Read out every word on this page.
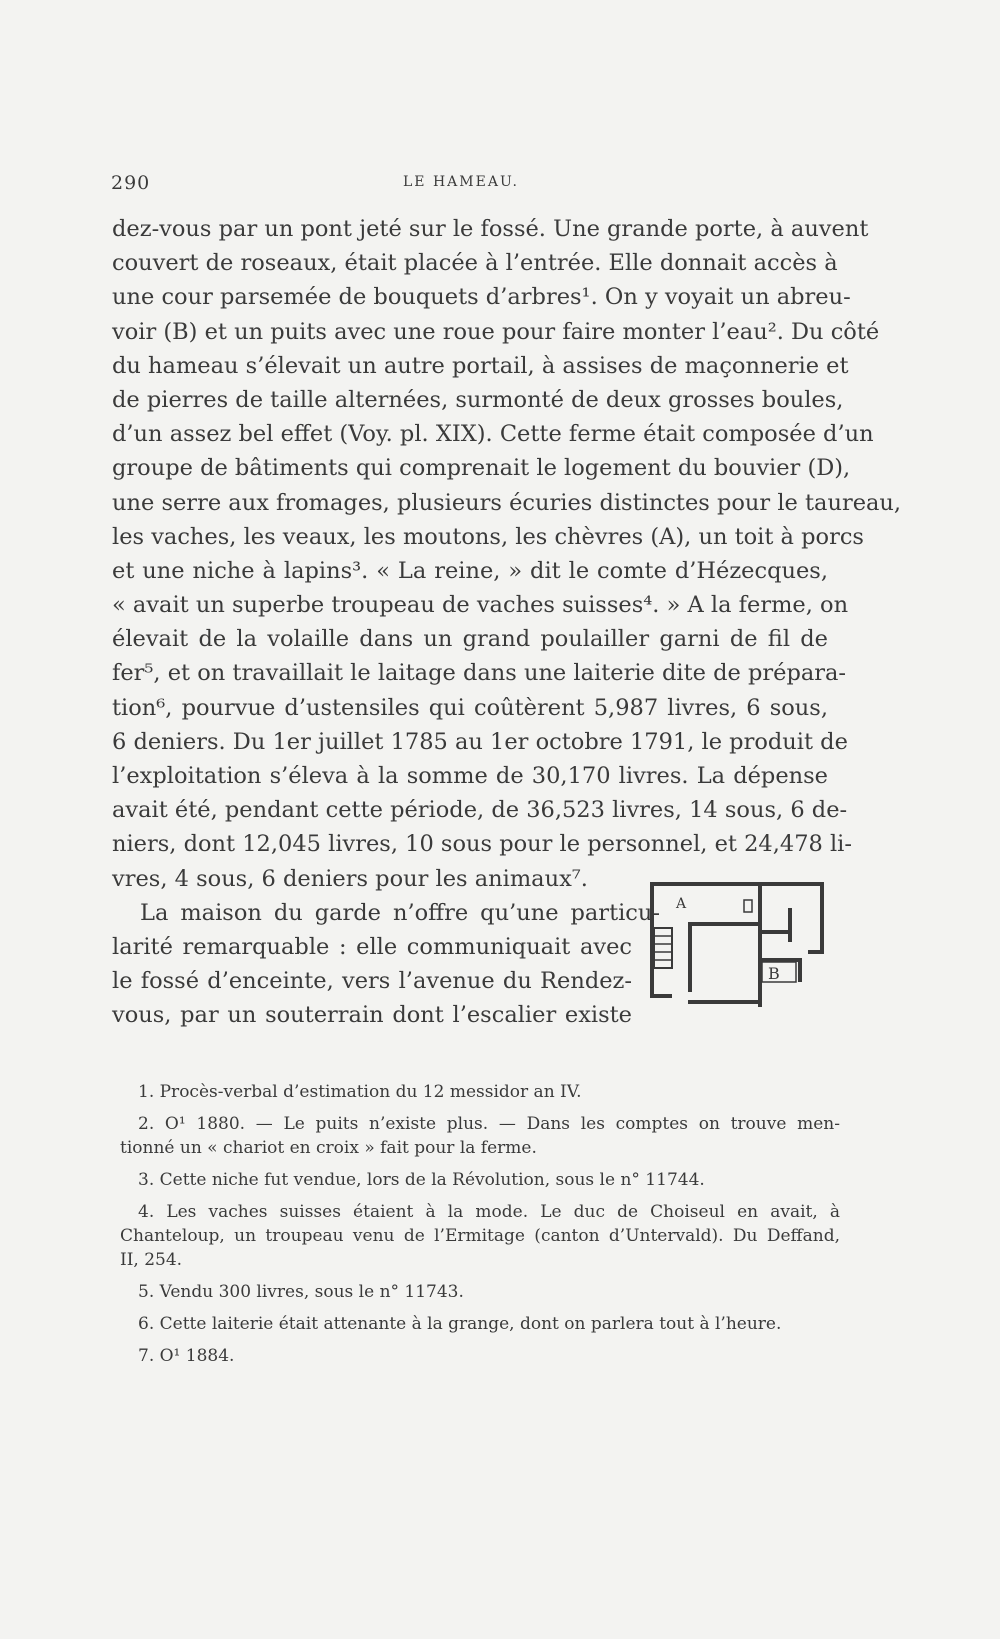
290	LE HAMEAU.
dez-vous par un pont jeté sur le fossé. Une grande porte, à auvent
couvert de roseaux, était placée à l’entrée. Elle donnait accès à
une cour parsemée de bouquets d’arbres¹. On y voyait un abreu-
voir (B) et un puits avec une roue pour faire monter l’eau². Du côté
du hameau s’élevait un autre portail, à assises de maçonnerie et
de pierres de taille alternées, surmonté de deux grosses boules,
d’un assez bel effet (Voy. pl. XIX). Cette ferme était composée d’un
groupe de bâtiments qui comprenait le logement du bouvier (D),
une serre aux fromages, plusieurs écuries distinctes pour le taureau,
les vaches, les veaux, les moutons, les chèvres (A), un toit à porcs
et une niche à lapins³. « La reine, » dit le comte d’Hézecques,
« avait un superbe troupeau de vaches suisses⁴. » A la ferme, on
élevait de la volaille dans un grand poulailler garni de fil de
fer⁵, et on travaillait le laitage dans une laiterie dite de prépara-
tion⁶, pourvue d’ustensiles qui coûtèrent 5,987 livres, 6 sous,
6 deniers. Du 1er juillet 1785 au 1er octobre 1791, le produit de
l’exploitation s’éleva à la somme de 30,170 livres. La dépense
avait été, pendant cette période, de 36,523 livres, 14 sous, 6 de-
niers, dont 12,045 livres, 10 sous pour le personnel, et 24,478 li-
vres, 4 sous, 6 deniers pour les animaux⁷.
La maison du garde n’offre qu’une particu-
larité remarquable : elle communiquait avec
le fossé d’enceinte, vers l’avenue du Rendez-
vous, par un souterrain dont l’escalier existe
A
B
1. Procès-verbal d’estimation du 12 messidor an IV.
2. O¹ 1880. — Le puits n’existe plus. — Dans les comptes on trouve men-
tionné un « chariot en croix » fait pour la ferme.
3. Cette niche fut vendue, lors de la Révolution, sous le n° 11744.
4. Les vaches suisses étaient à la mode. Le duc de Choiseul en avait, à
Chanteloup, un troupeau venu de l’Ermitage (canton d’Untervald). Du Deffand,
II, 254.
5. Vendu 300 livres, sous le n° 11743.
6. Cette laiterie était attenante à la grange, dont on parlera tout à l’heure.
7. O¹ 1884.
